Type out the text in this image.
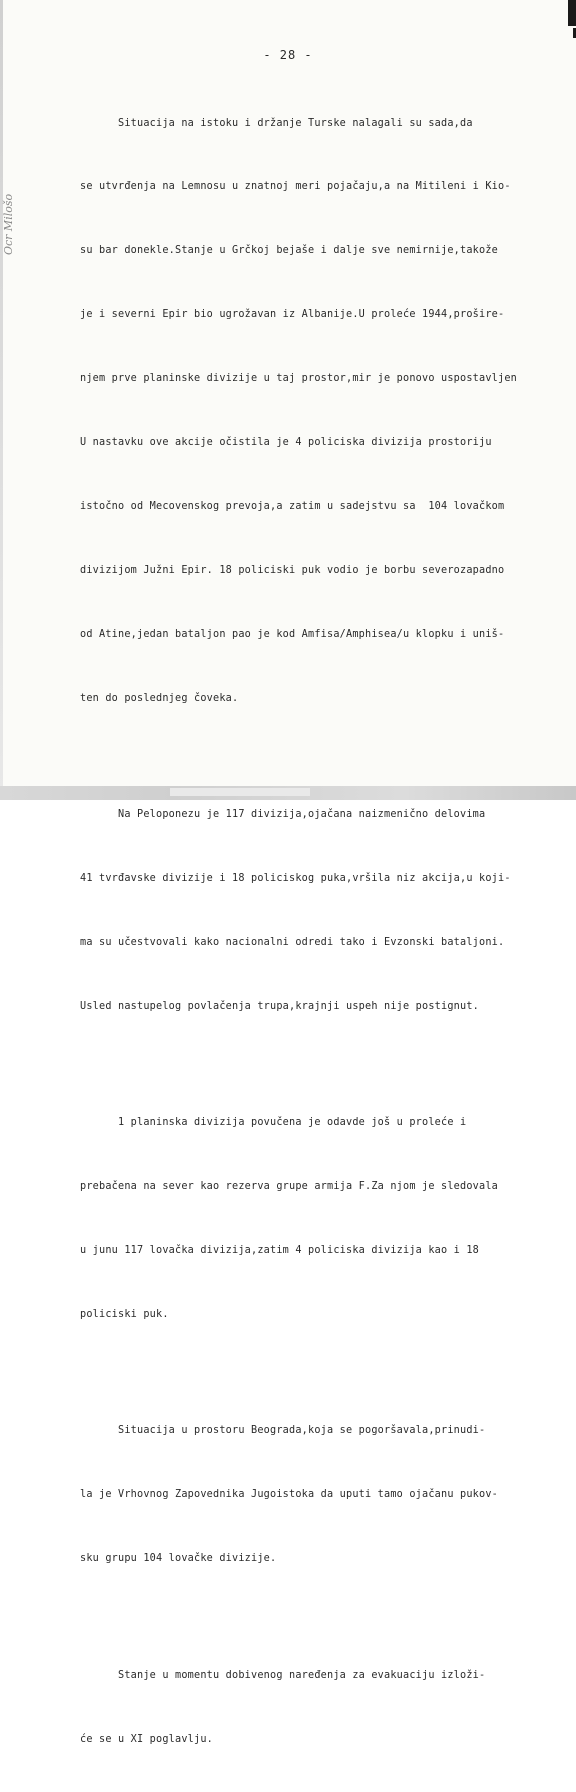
- 28 -
Ocr Milošo

Situacija na istoku i držanje Turske nalagali su sada,da

se utvrđenja na Lemnosu u znatnoj meri pojačaju,a na Mitileni i Kio-

su bar donekle.Stanje u Grčkoj bejaše i dalje sve nemirnije,takože

je i severni Epir bio ugrožavan iz Albanije.U proleće 1944,prošire-

njem prve planinske divizije u taj prostor,mir je ponovo uspostavljen

U nastavku ove akcije očistila je 4 policiska divizija prostoriju

istočno od Mecovenskog prevoja,a zatim u sadejstvu sa  104 lovačkom

divizijom Južni Epir. 18 policiski puk vodio je borbu severozapadno

od Atine,jedan bataljon pao je kod Amfisa/Amphisea/u klopku i uniš-

ten do poslednjeg čoveka.

Na Peloponezu je 117 divizija,ojačana naizmenično delovima

41 tvrđavske divizije i 18 policiskog puka,vršila niz akcija,u koji-

ma su učestvovali kako nacionalni odredi tako i Evzonski bataljoni.

Usled nastupelog povlačenja trupa,krajnji uspeh nije postignut.

1 planinska divizija povučena je odavde još u proleće i

prebačena na sever kao rezerva grupe armija F.Za njom je sledovala

u junu 117 lovačka divizija,zatim 4 policiska divizija kao i 18

policiski puk.

Situacija u prostoru Beograda,koja se pogoršavala,prinudi-

la je Vrhovnog Zapovednika Jugoistoka da uputi tamo ojačanu pukov-

sku grupu 104 lovačke divizije.

Stanje u momentu dobivenog naređenja za evakuaciju izloži-

će se u XI poglavlju.
